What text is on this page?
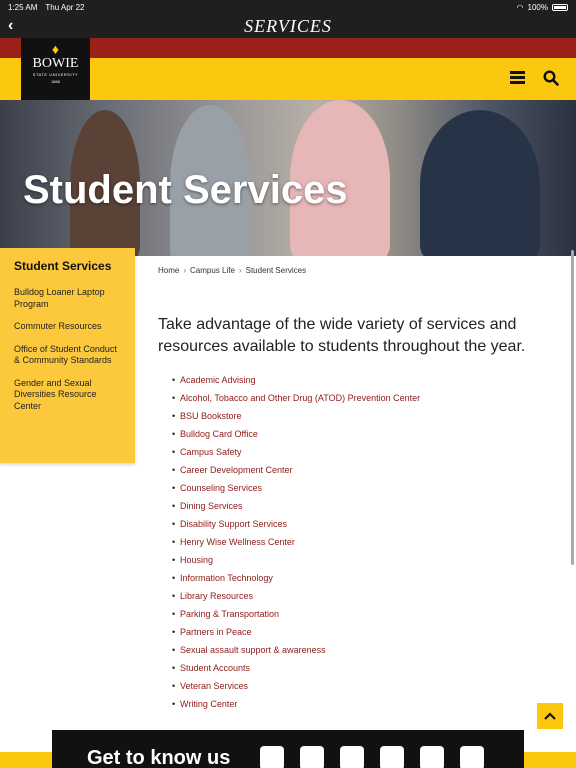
1:25 AM Thu Apr 22	◠ 100%
‹	SERVICES
♦
BOWIE
STATE UNIVERSITY
1865
Student Services
Student Services
Bulldog Loaner Laptop Program
Commuter Resources
Office of Student Conduct & Community Standards
Gender and Sexual Diversities Resource Center
Home › Campus Life › Student Services

Take advantage of the wide variety of services and resources available to students throughout the year.

• Academic Advising
• Alcohol, Tobacco and Other Drug (ATOD) Prevention Center
• BSU Bookstore
• Bulldog Card Office
• Campus Safety
• Career Development Center
• Counseling Services
• Dining Services
• Disability Support Services
• Henry Wise Wellness Center
• Housing
• Information Technology
• Library Resources
• Parking & Transportation
• Partners in Peace
• Sexual assault support & awareness
• Student Accounts
• Veteran Services
• Writing Center
Get to know us
